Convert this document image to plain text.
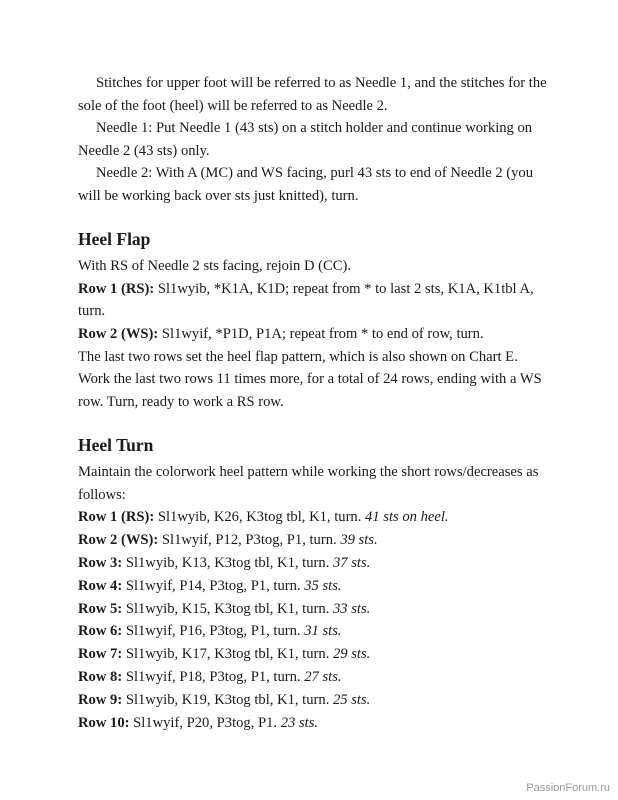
Stitches for upper foot will be referred to as Needle 1, and the stitches for the sole of the foot (heel) will be referred to as Needle 2.

Needle 1: Put Needle 1 (43 sts) on a stitch holder and continue working on Needle 2 (43 sts) only.

Needle 2: With A (MC) and WS facing, purl 43 sts to end of Needle 2 (you will be working back over sts just knitted), turn.

Heel Flap

With RS of Needle 2 sts facing, rejoin D (CC).

Row 1 (RS): Sl1wyib, *K1A, K1D; repeat from * to last 2 sts, K1A, K1tbl A, turn.

Row 2 (WS): Sl1wyif, *P1D, P1A; repeat from * to end of row, turn.

The last two rows set the heel flap pattern, which is also shown on Chart E. Work the last two rows 11 times more, for a total of 24 rows, ending with a WS row. Turn, ready to work a RS row.

Heel Turn

Maintain the colorwork heel pattern while working the short rows/decreases as follows:

Row 1 (RS): Sl1wyib, K26, K3tog tbl, K1, turn. 41 sts on heel.

Row 2 (WS): Sl1wyif, P12, P3tog, P1, turn. 39 sts.

Row 3: Sl1wyib, K13, K3tog tbl, K1, turn. 37 sts.

Row 4: Sl1wyif, P14, P3tog, P1, turn. 35 sts.

Row 5: Sl1wyib, K15, K3tog tbl, K1, turn. 33 sts.

Row 6: Sl1wyif, P16, P3tog, P1, turn. 31 sts.

Row 7: Sl1wyib, K17, K3tog tbl, K1, turn. 29 sts.

Row 8: Sl1wyif, P18, P3tog, P1, turn. 27 sts.

Row 9: Sl1wyib, K19, K3tog tbl, K1, turn. 25 sts.

Row 10: Sl1wyif, P20, P3tog, P1. 23 sts.

PassionForum.ru
